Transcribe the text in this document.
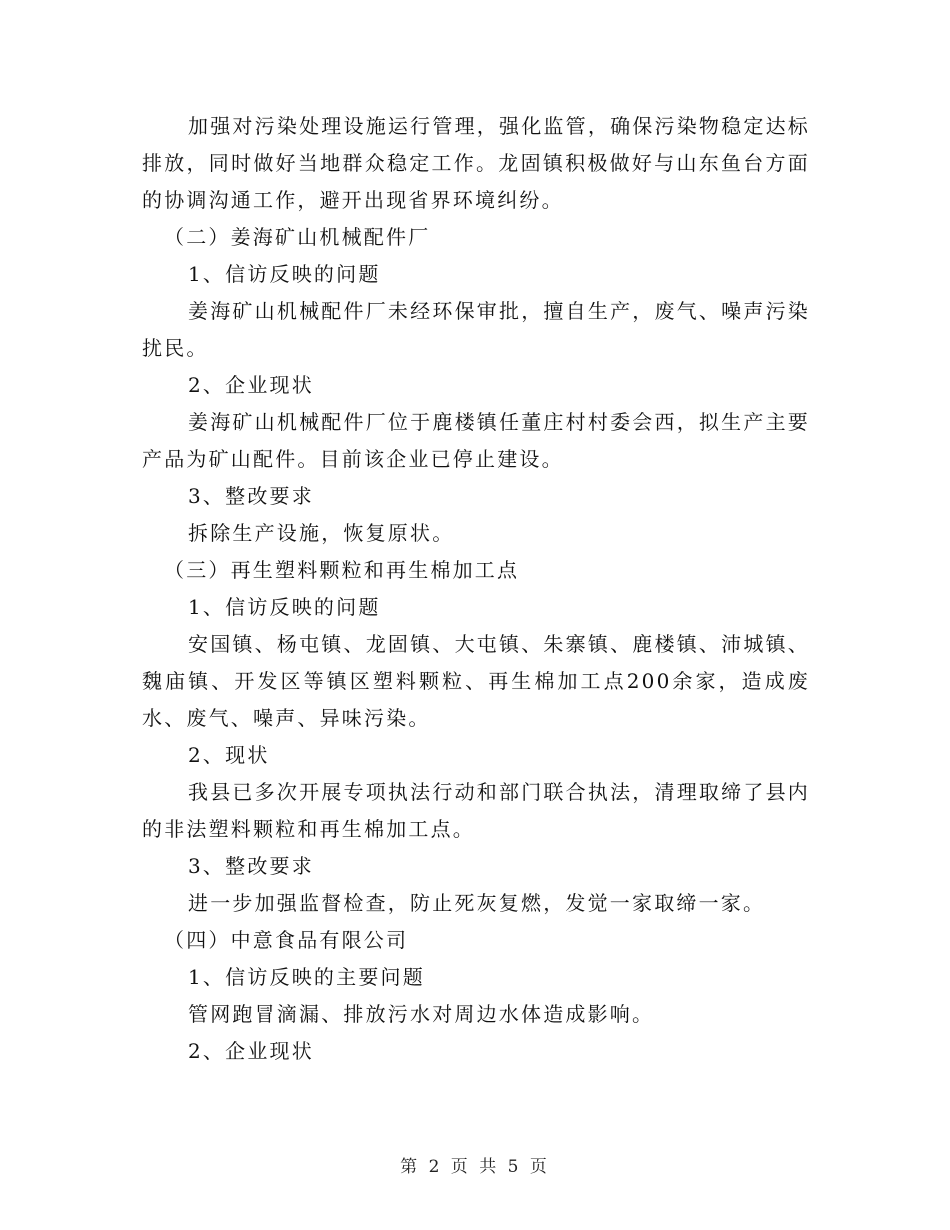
加强对污染处理设施运行管理，强化监管，确保污染物稳定达标排放，同时做好当地群众稳定工作。龙固镇积极做好与山东鱼台方面的协调沟通工作，避开出现省界环境纠纷。

（二）姜海矿山机械配件厂

1、信访反映的问题

姜海矿山机械配件厂未经环保审批，擅自生产，废气、噪声污染扰民。

2、企业现状

姜海矿山机械配件厂位于鹿楼镇任董庄村村委会西，拟生产主要产品为矿山配件。目前该企业已停止建设。

3、整改要求

拆除生产设施，恢复原状。

（三）再生塑料颗粒和再生棉加工点

1、信访反映的问题

安国镇、杨屯镇、龙固镇、大屯镇、朱寨镇、鹿楼镇、沛城镇、魏庙镇、开发区等镇区塑料颗粒、再生棉加工点200余家，造成废水、废气、噪声、异味污染。

2、现状

我县已多次开展专项执法行动和部门联合执法，清理取缔了县内的非法塑料颗粒和再生棉加工点。

3、整改要求

进一步加强监督检查，防止死灰复燃，发觉一家取缔一家。

（四）中意食品有限公司

1、信访反映的主要问题

管网跑冒滴漏、排放污水对周边水体造成影响。

2、企业现状

第 2 页 共 5 页
